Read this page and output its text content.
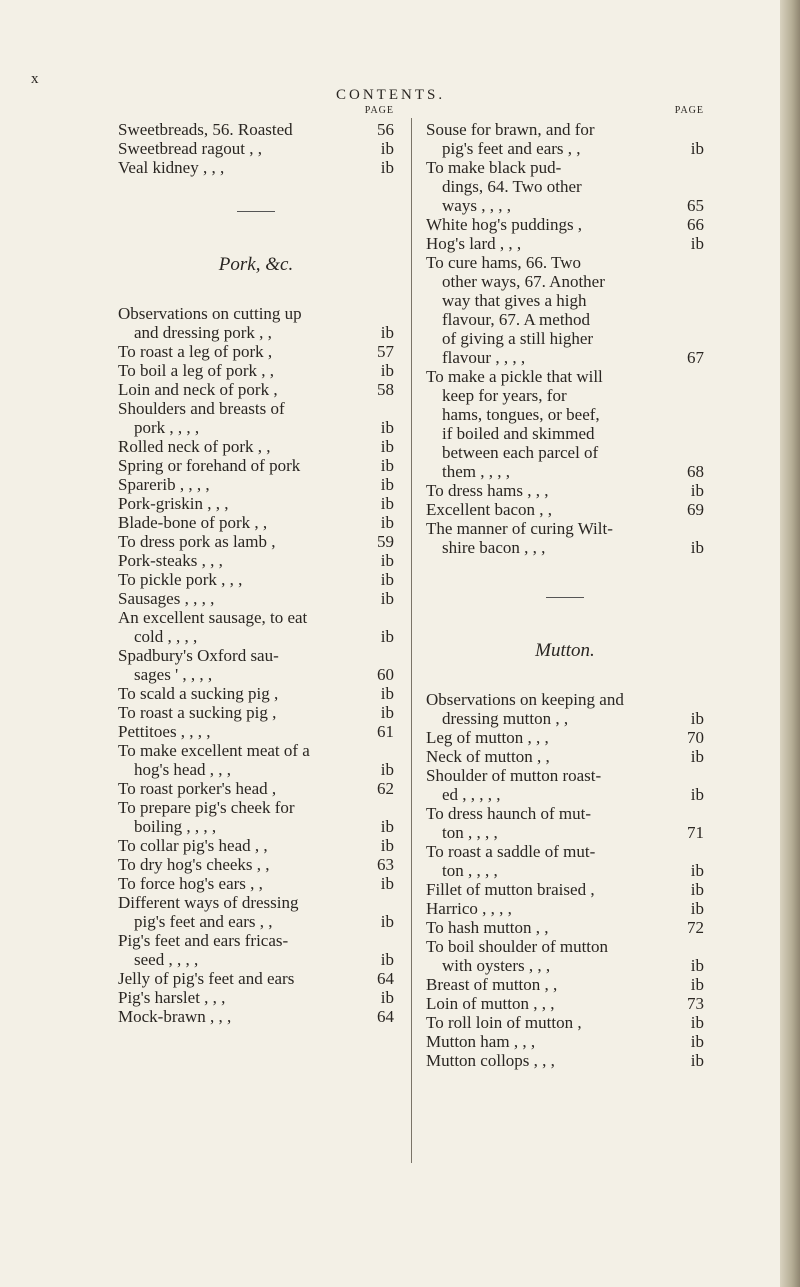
x
CONTENTS.
PAGE
Sweetbreads, 56. Roasted	56
Sweetbread ragout , ,	ib
Veal kidney , , ,	ib
Pork, &c.
Observations on cutting up
and dressing pork , ,	ib
To roast a leg of pork ,	57
To boil a leg of pork , ,	ib
Loin and neck of pork ,	58
Shoulders and breasts of
pork , , , ,	ib
Rolled neck of pork , ,	ib
Spring or forehand of pork	ib
Sparerib , , , ,	ib
Pork-griskin , , ,	ib
Blade-bone of pork , ,	ib
To dress pork as lamb ,	59
Pork-steaks , , ,	ib
To pickle pork , , ,	ib
Sausages , , , ,	ib
An excellent sausage, to eat
cold , , , ,	ib
Spadbury's Oxford sau-
sages ' , , , ,	60
To scald a sucking pig ,	ib
To roast a sucking pig ,	ib
Pettitoes , , , ,	61
To make excellent meat of a
hog's head , , ,	ib
To roast porker's head ,	62
To prepare pig's cheek for
boiling , , , ,	ib
To collar pig's head , ,	ib
To dry hog's cheeks , ,	63
To force hog's ears , ,	ib
Different ways of dressing
pig's feet and ears , ,	ib
Pig's feet and ears fricas-
seed , , , ,	ib
Jelly of pig's feet and ears	64
Pig's harslet , , ,	ib
Mock-brawn , , ,	64
PAGE
Souse for brawn, and for
pig's feet and ears , ,	ib
To make black pud-
dings, 64. Two other
ways , , , ,	65
White hog's puddings ,	66
Hog's lard , , ,	ib
To cure hams, 66. Two
other ways, 67. Another
way that gives a high
flavour, 67. A method
of giving a still higher
flavour , , , ,	67
To make a pickle that will
keep for years, for
hams, tongues, or beef,
if boiled and skimmed
between each parcel of
them , , , ,	68
To dress hams , , ,	ib
Excellent bacon , ,	69
The manner of curing Wilt-
shire bacon , , ,	ib
Mutton.
Observations on keeping and
dressing mutton , ,	ib
Leg of mutton , , ,	70
Neck of mutton , ,	ib
Shoulder of mutton roast-
ed , , , , ,	ib
To dress haunch of mut-
ton , , , ,	71
To roast a saddle of mut-
ton , , , ,	ib
Fillet of mutton braised ,	ib
Harrico , , , ,	ib
To hash mutton , ,	72
To boil shoulder of mutton
with oysters , , ,	ib
Breast of mutton , ,	ib
Loin of mutton , , ,	73
To roll loin of mutton ,	ib
Mutton ham , , ,	ib
Mutton collops , , ,	ib
